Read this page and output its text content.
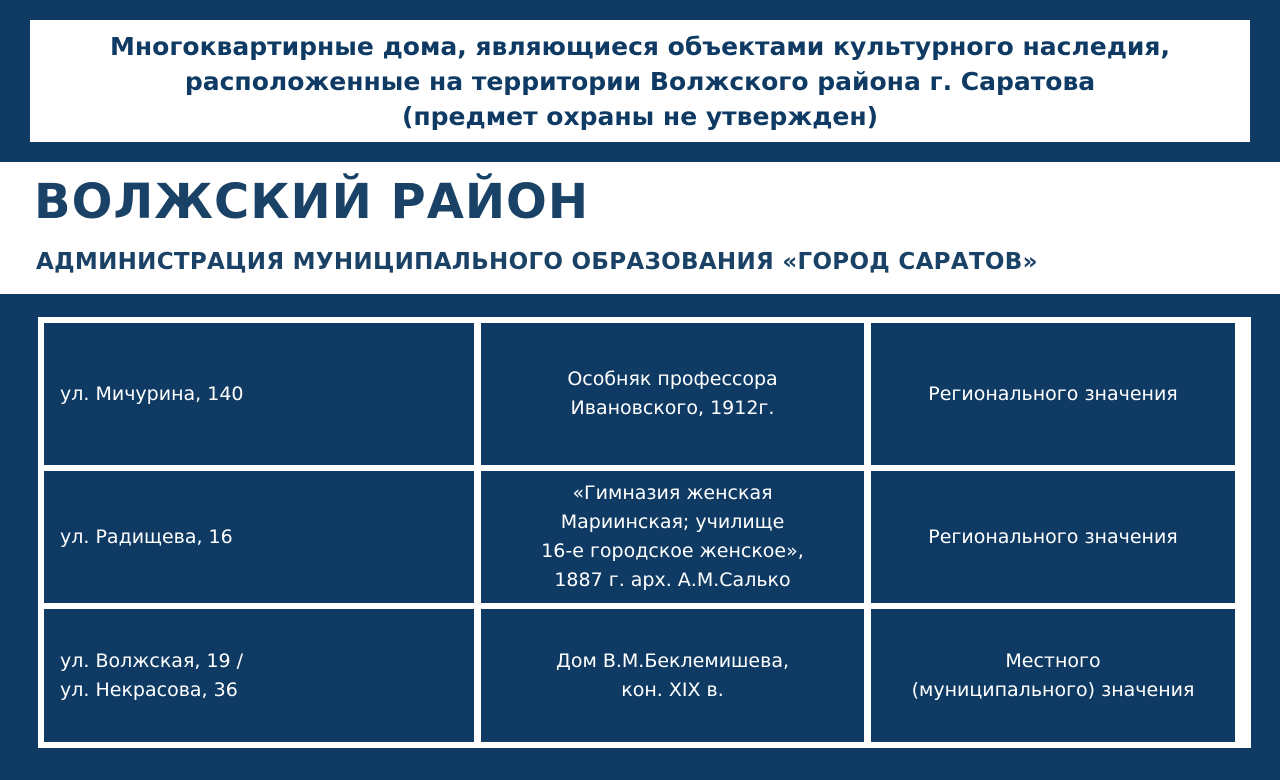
Многоквартирные дома, являющиеся объектами культурного наследия,
расположенные на территории Волжского района г. Саратова
(предмет охраны не утвержден)
ВОЛЖСКИЙ РАЙОН
АДМИНИСТРАЦИЯ МУНИЦИПАЛЬНОГО ОБРАЗОВАНИЯ «ГОРОД САРАТОВ»
ул. Мичурина, 140
Особняк профессора
Ивановского, 1912г.
Регионального значения
ул. Радищева, 16
«Гимназия женская
Мариинская; училище
16-е городское женское»,
1887 г. арх. А.М.Салько
Регионального значения
ул. Волжская, 19 /
ул. Некрасова, 36
Дом В.М.Беклемишева,
кон. XIX в.
Местного
(муниципального) значения
